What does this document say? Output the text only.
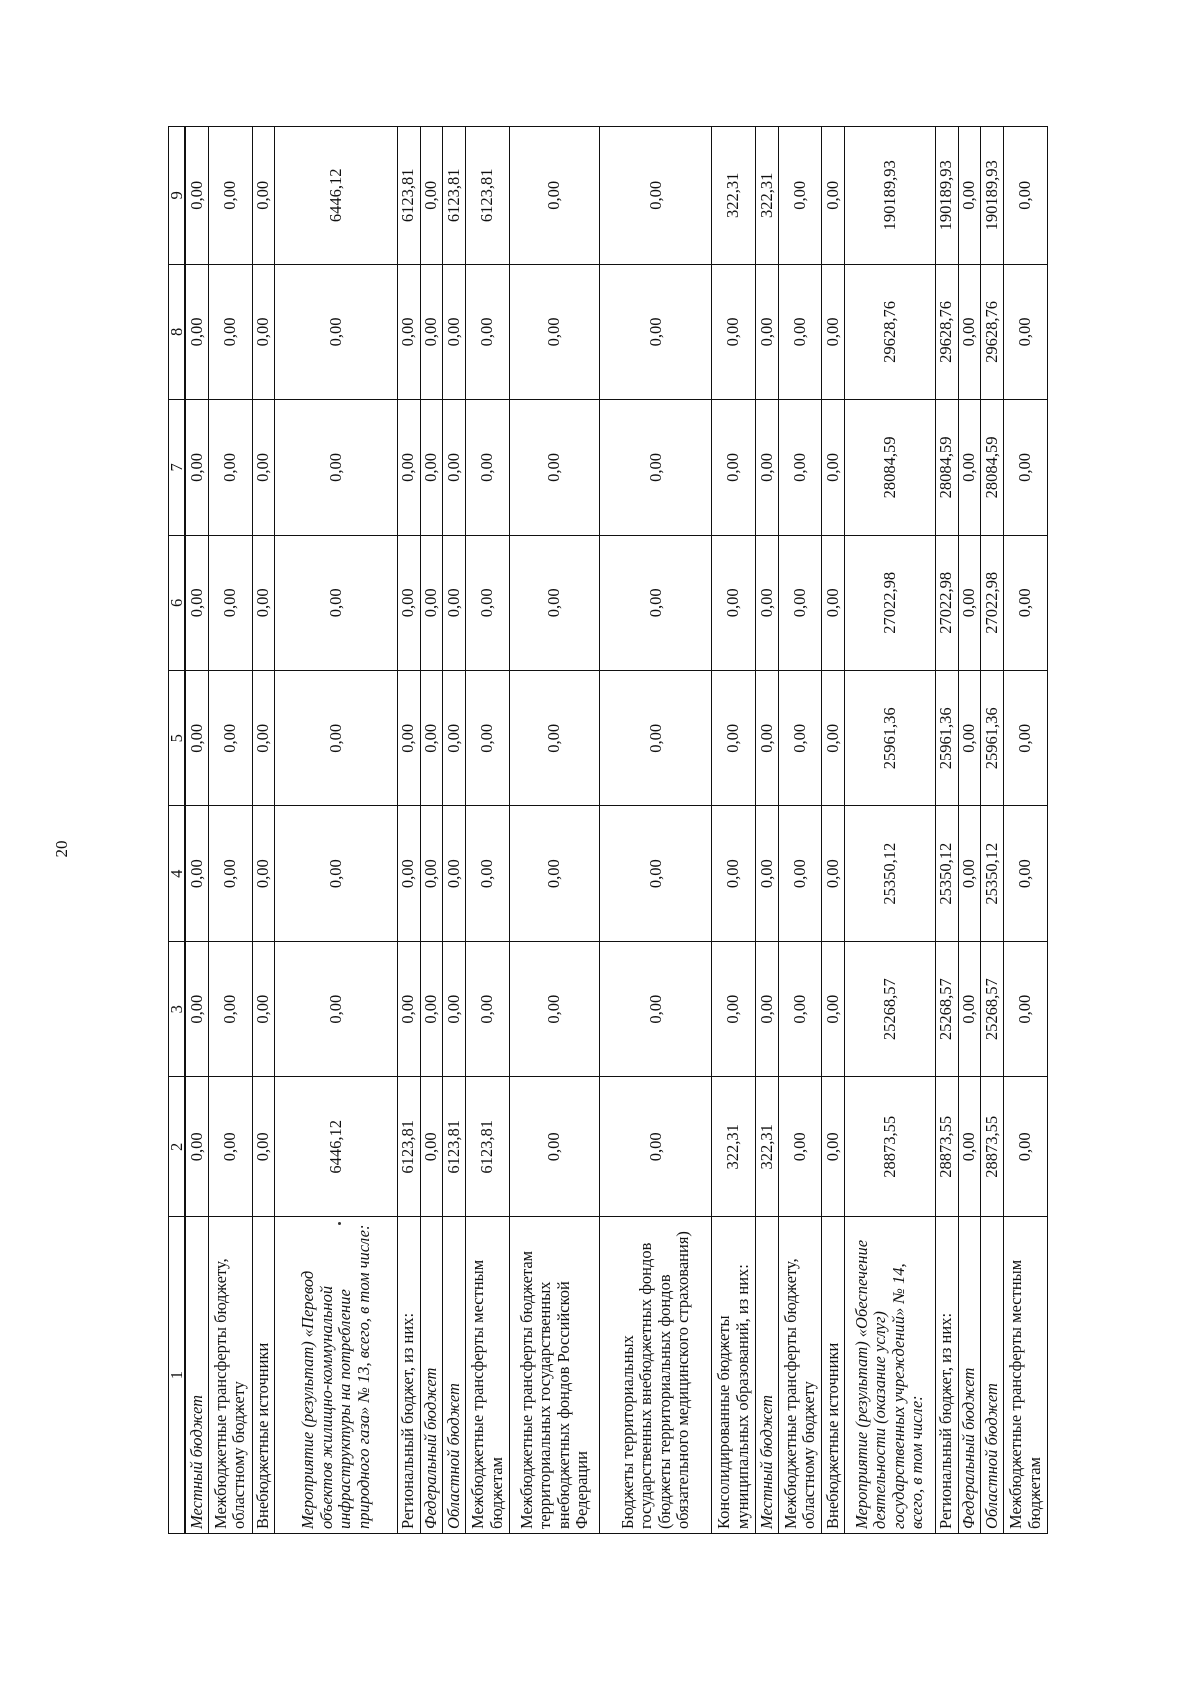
20
1	2	3	4	5	6	7	8	9
Местный бюджет	0,00	0,00	0,00	0,00	0,00	0,00	0,00	0,00
Межбюджетные трансферты бюджету, областному бюджету	0,00	0,00	0,00	0,00	0,00	0,00	0,00	0,00
Внебюджетные источники	0,00	0,00	0,00	0,00	0,00	0,00	0,00	0,00
Мероприятие (результат) «Перевод объектов жилищно-коммунальной инфраструктуры на потребление природного газа» № 13, всего, в том числе:	6446,12	0,00	0,00	0,00	0,00	0,00	0,00	6446,12
Региональный бюджет, из них:	6123,81	0,00	0,00	0,00	0,00	0,00	0,00	6123,81
Федеральный бюджет	0,00	0,00	0,00	0,00	0,00	0,00	0,00	0,00
Областной бюджет	6123,81	0,00	0,00	0,00	0,00	0,00	0,00	6123,81
Межбюджетные трансферты местным бюджетам	6123,81	0,00	0,00	0,00	0,00	0,00	0,00	6123,81
Межбюджетные трансферты бюджетам территориальных государственных внебюджетных фондов Российской Федерации	0,00	0,00	0,00	0,00	0,00	0,00	0,00	0,00
Бюджеты территориальных государственных внебюджетных фондов (бюджеты территориальных фондов обязательного медицинского страхования)	0,00	0,00	0,00	0,00	0,00	0,00	0,00	0,00
Консолидированные бюджеты муниципальных образований, из них:	322,31	0,00	0,00	0,00	0,00	0,00	0,00	322,31
Местный бюджет	322,31	0,00	0,00	0,00	0,00	0,00	0,00	322,31
Межбюджетные трансферты бюджету, областному бюджету	0,00	0,00	0,00	0,00	0,00	0,00	0,00	0,00
Внебюджетные источники	0,00	0,00	0,00	0,00	0,00	0,00	0,00	0,00
Мероприятие (результат) «Обеспечение деятельности (оказание услуг) государственных учреждений» № 14, всего, в том числе:	28873,55	25268,57	25350,12	25961,36	27022,98	28084,59	29628,76	190189,93
Региональный бюджет, из них:	28873,55	25268,57	25350,12	25961,36	27022,98	28084,59	29628,76	190189,93
Федеральный бюджет	0,00	0,00	0,00	0,00	0,00	0,00	0,00	0,00
Областной бюджет	28873,55	25268,57	25350,12	25961,36	27022,98	28084,59	29628,76	190189,93
Межбюджетные трансферты местным бюджетам	0,00	0,00	0,00	0,00	0,00	0,00	0,00	0,00
